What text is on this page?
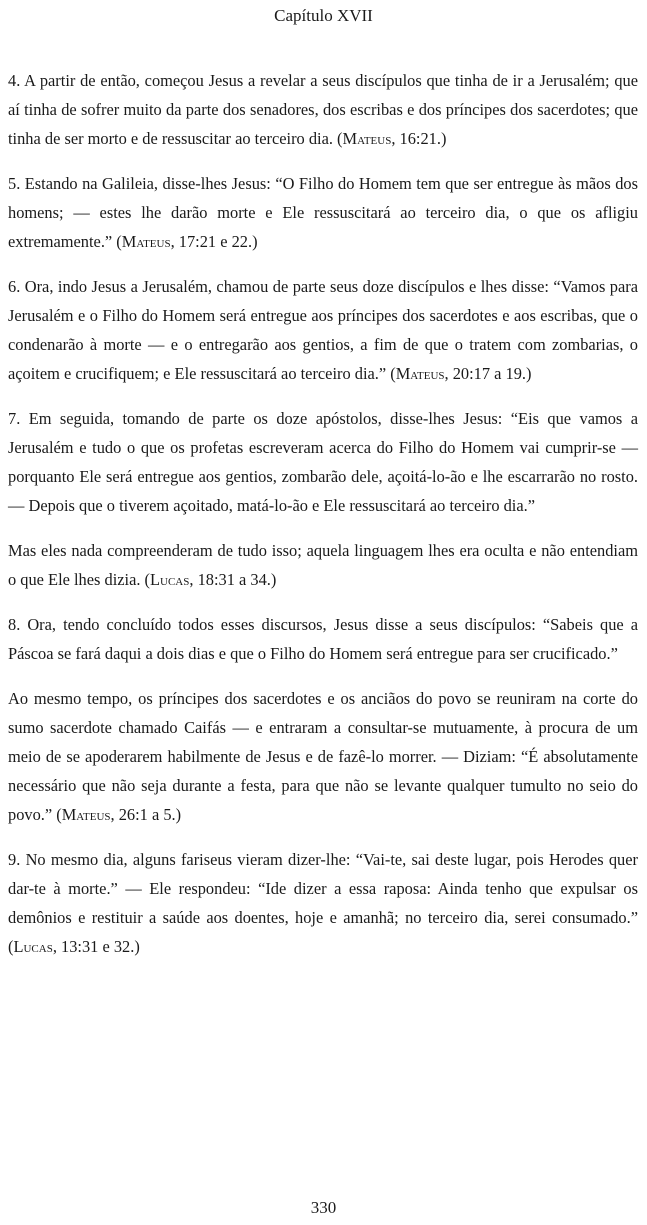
Capítulo XVII

4. A partir de então, começou Jesus a revelar a seus discípulos que tinha de ir a Jerusalém; que aí tinha de sofrer muito da parte dos senadores, dos escribas e dos príncipes dos sacerdotes; que tinha de ser morto e de ressuscitar ao terceiro dia. (Mateus, 16:21.)

5. Estando na Galileia, disse-lhes Jesus: “O Filho do Homem tem que ser entregue às mãos dos homens; — estes lhe darão morte e Ele ressuscitará ao terceiro dia, o que os afligiu extremamente.” (Mateus, 17:21 e 22.)

6. Ora, indo Jesus a Jerusalém, chamou de parte seus doze discípulos e lhes disse: “Vamos para Jerusalém e o Filho do Homem será entregue aos príncipes dos sacerdotes e aos escribas, que o condenarão à morte — e o entregarão aos gentios, a fim de que o tratem com zombarias, o açoitem e crucifiquem; e Ele ressuscitará ao terceiro dia.” (Mateus, 20:17 a 19.)

7. Em seguida, tomando de parte os doze apóstolos, disse-lhes Jesus: “Eis que vamos a Jerusalém e tudo o que os profetas escreveram acerca do Filho do Homem vai cumprir-se — porquanto Ele será entregue aos gentios, zombarão dele, açoitá-lo-ão e lhe escarrarão no rosto. — Depois que o tiverem açoitado, matá-lo-ão e Ele ressuscitará ao terceiro dia.”

Mas eles nada compreenderam de tudo isso; aquela linguagem lhes era oculta e não entendiam o que Ele lhes dizia. (Lucas, 18:31 a 34.)

8. Ora, tendo concluído todos esses discursos, Jesus disse a seus discípulos: “Sabeis que a Páscoa se fará daqui a dois dias e que o Filho do Homem será entregue para ser crucificado.”

Ao mesmo tempo, os príncipes dos sacerdotes e os anciãos do povo se reuniram na corte do sumo sacerdote chamado Caifás — e entraram a consultar-se mutuamente, à procura de um meio de se apoderarem habilmente de Jesus e de fazê-lo morrer. — Diziam: “É absolutamente necessário que não seja durante a festa, para que não se levante qualquer tumulto no seio do povo.” (Mateus, 26:1 a 5.)

9. No mesmo dia, alguns fariseus vieram dizer-lhe: “Vai-te, sai deste lugar, pois Herodes quer dar-te à morte.” — Ele respondeu: “Ide dizer a essa raposa: Ainda tenho que expulsar os demônios e restituir a saúde aos doentes, hoje e amanhã; no terceiro dia, serei consumado.” (Lucas, 13:31 e 32.)

330
